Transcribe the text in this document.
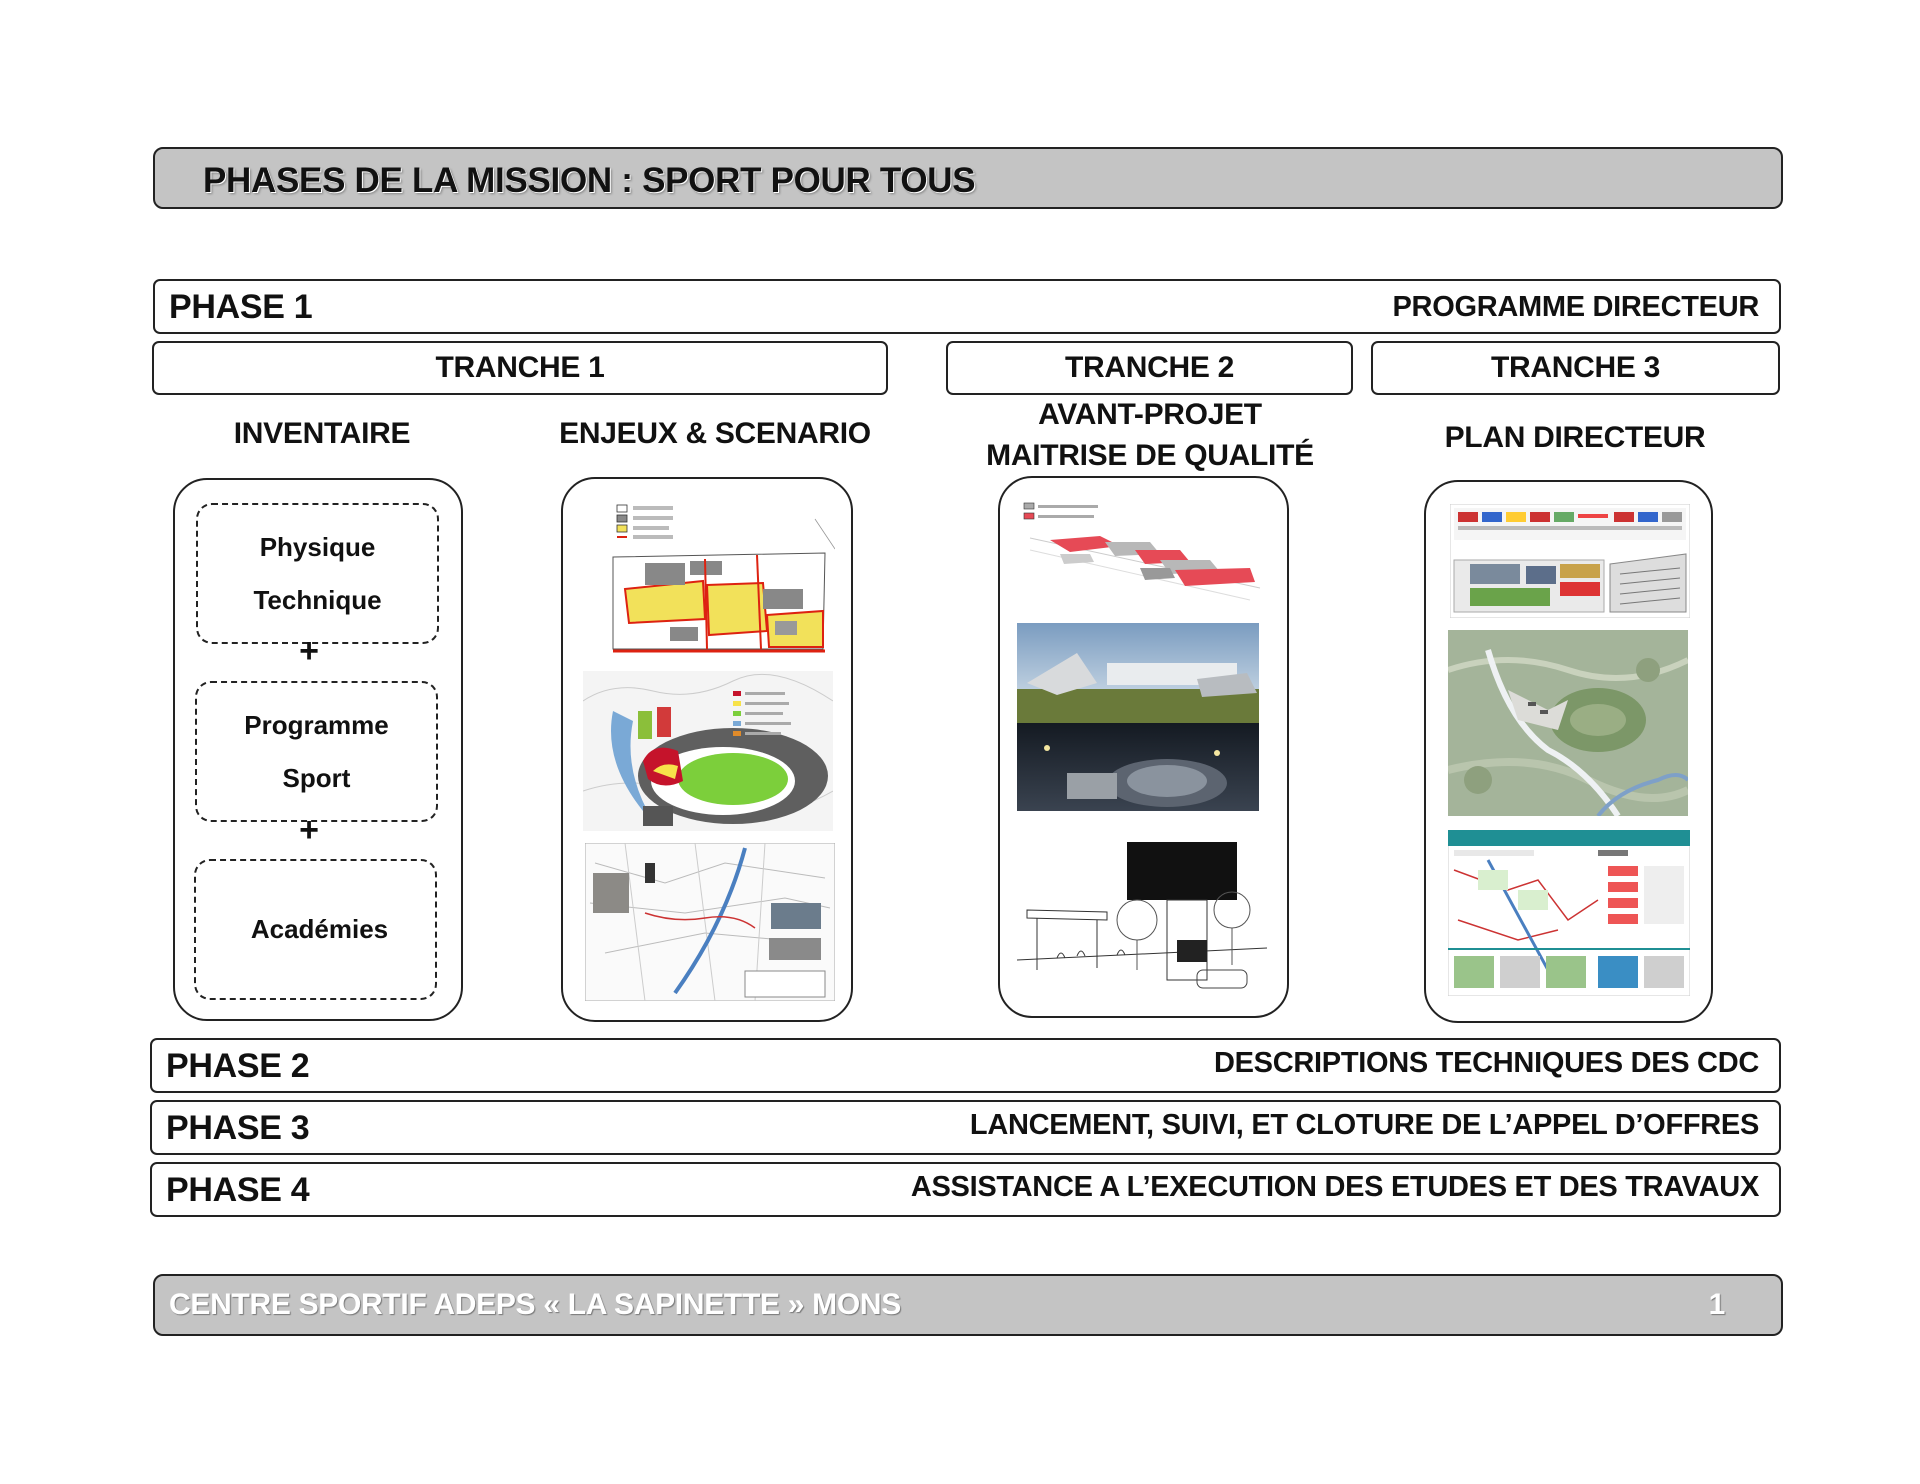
PHASES DE LA MISSION : SPORT POUR TOUS
PHASE 1	PROGRAMME DIRECTEUR
TRANCHE 1	TRANCHE 2	TRANCHE 3
INVENTAIRE	ENJEUX & SCENARIO
AVANT-PROJET
MAITRISE DE QUALITÉ
PLAN DIRECTEUR
Physique
Technique
+
Programme
Sport
+
Académies
PHASE 2	DESCRIPTIONS TECHNIQUES DES CDC
PHASE 3	LANCEMENT, SUIVI, ET CLOTURE DE L’APPEL D’OFFRES
PHASE 4	ASSISTANCE A L’EXECUTION DES ETUDES ET DES TRAVAUX
CENTRE SPORTIF ADEPS « LA SAPINETTE » MONS	1
